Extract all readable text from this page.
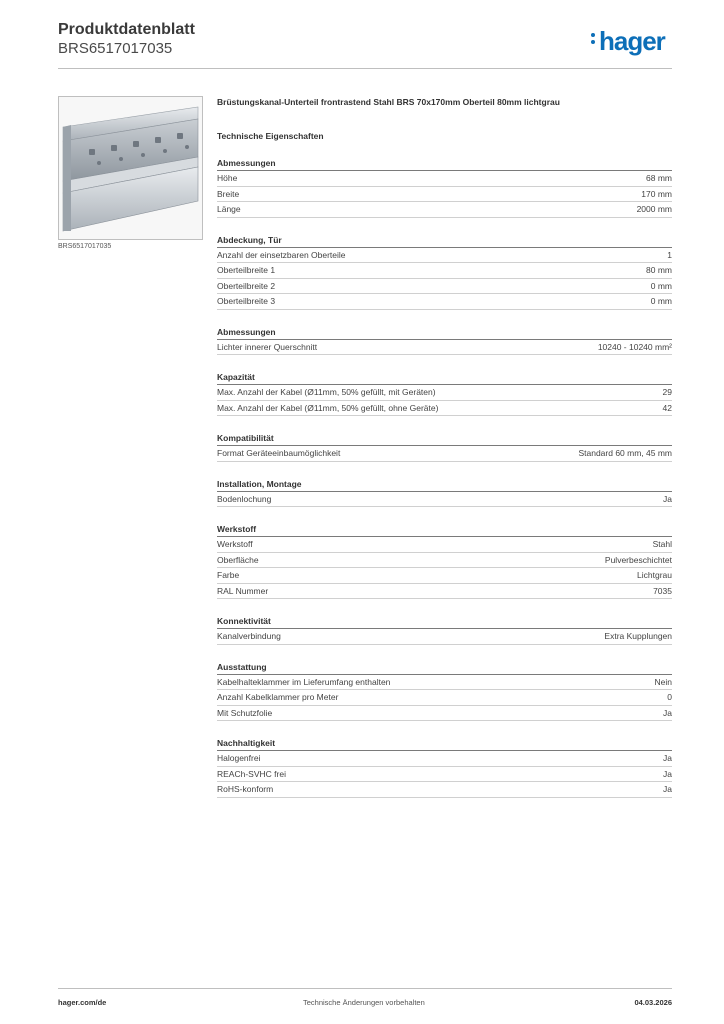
Produktdatenblatt
BRS6517017035	hager
BRS6517017035
Brüstungskanal-Unterteil frontrastend Stahl BRS 70x170mm Oberteil 80mm lichtgrau
Technische Eigenschaften
Abmessungen
Höhe	68 mm
Breite	170 mm
Länge	2000 mm
Abdeckung, Tür
Anzahl der einsetzbaren Oberteile	1
Oberteilbreite 1	80 mm
Oberteilbreite 2	0 mm
Oberteilbreite 3	0 mm
Abmessungen
Lichter innerer Querschnitt	10240 - 10240 mm²
Kapazität
Max. Anzahl der Kabel (Ø11mm, 50% gefüllt, mit Geräten)	29
Max. Anzahl der Kabel (Ø11mm, 50% gefüllt, ohne Geräte)	42
Kompatibilität
Format Geräteeinbaumöglichkeit	Standard 60 mm, 45 mm
Installation, Montage
Bodenlochung	Ja
Werkstoff
Werkstoff	Stahl
Oberfläche	Pulverbeschichtet
Farbe	Lichtgrau
RAL Nummer	7035
Konnektivität
Kanalverbindung	Extra Kupplungen
Ausstattung
Kabelhalteklammer im Lieferumfang enthalten	Nein
Anzahl Kabelklammer pro Meter	0
Mit Schutzfolie	Ja
Nachhaltigkeit
Halogenfrei	Ja
REACh-SVHC frei	Ja
RoHS-konform	Ja
hager.com/de	Technische Änderungen vorbehalten	04.03.2026
